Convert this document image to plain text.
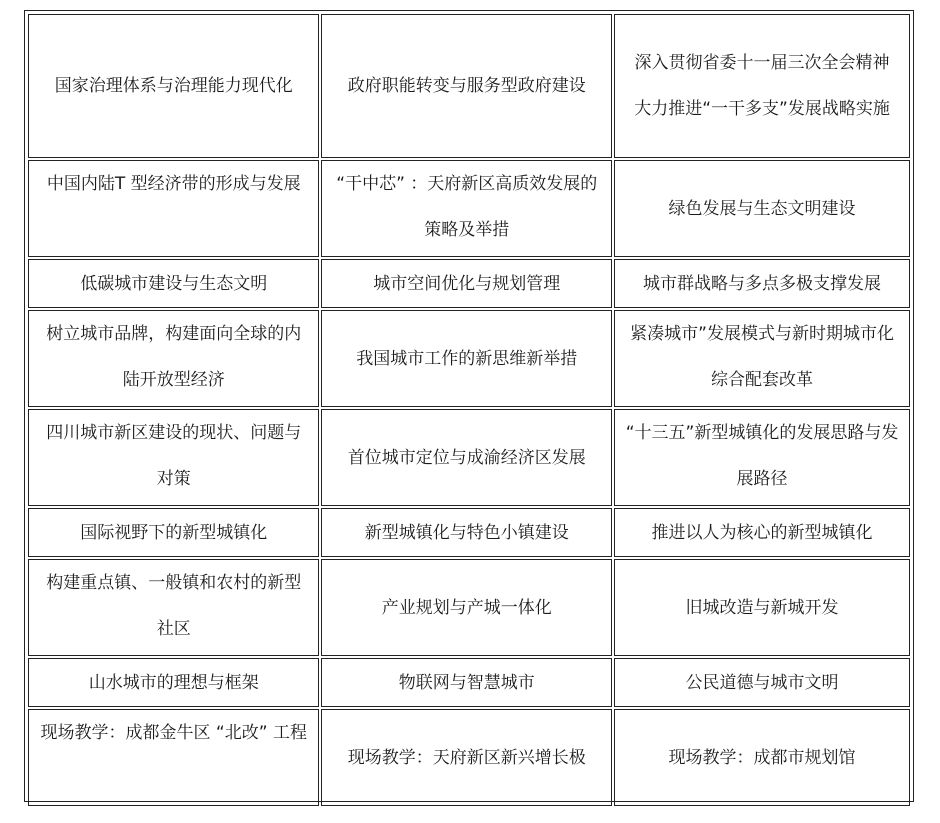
国家治理体系与治理能力现代化	政府职能转变与服务型政府建设	深入贯彻省委十一届三次全会精神 大力推进“一干多支”发展战略实施
中国内陆T 型经济带的形成与发展	“干中芯” ：天府新区高质效发展的策略及举措	绿色发展与生态文明建设
低碳城市建设与生态文明	城市空间优化与规划管理	城市群战略与多点多极支撑发展
树立城市品牌，构建面向全球的内陆开放型经济	我国城市工作的新思维新举措	紧凑城市”发展模式与新时期城市化综合配套改革
四川城市新区建设的现状、问题与对策	首位城市定位与成渝经济区发展	“十三五”新型城镇化的发展思路与发展路径
国际视野下的新型城镇化	新型城镇化与特色小镇建设	推进以人为核心的新型城镇化
构建重点镇、一般镇和农村的新型社区	产业规划与产城一体化	旧城改造与新城开发
山水城市的理想与框架	物联网与智慧城市	公民道德与城市文明
现场教学：成都金牛区 “北改” 工程	现场教学：天府新区新兴增长极	现场教学：成都市规划馆
